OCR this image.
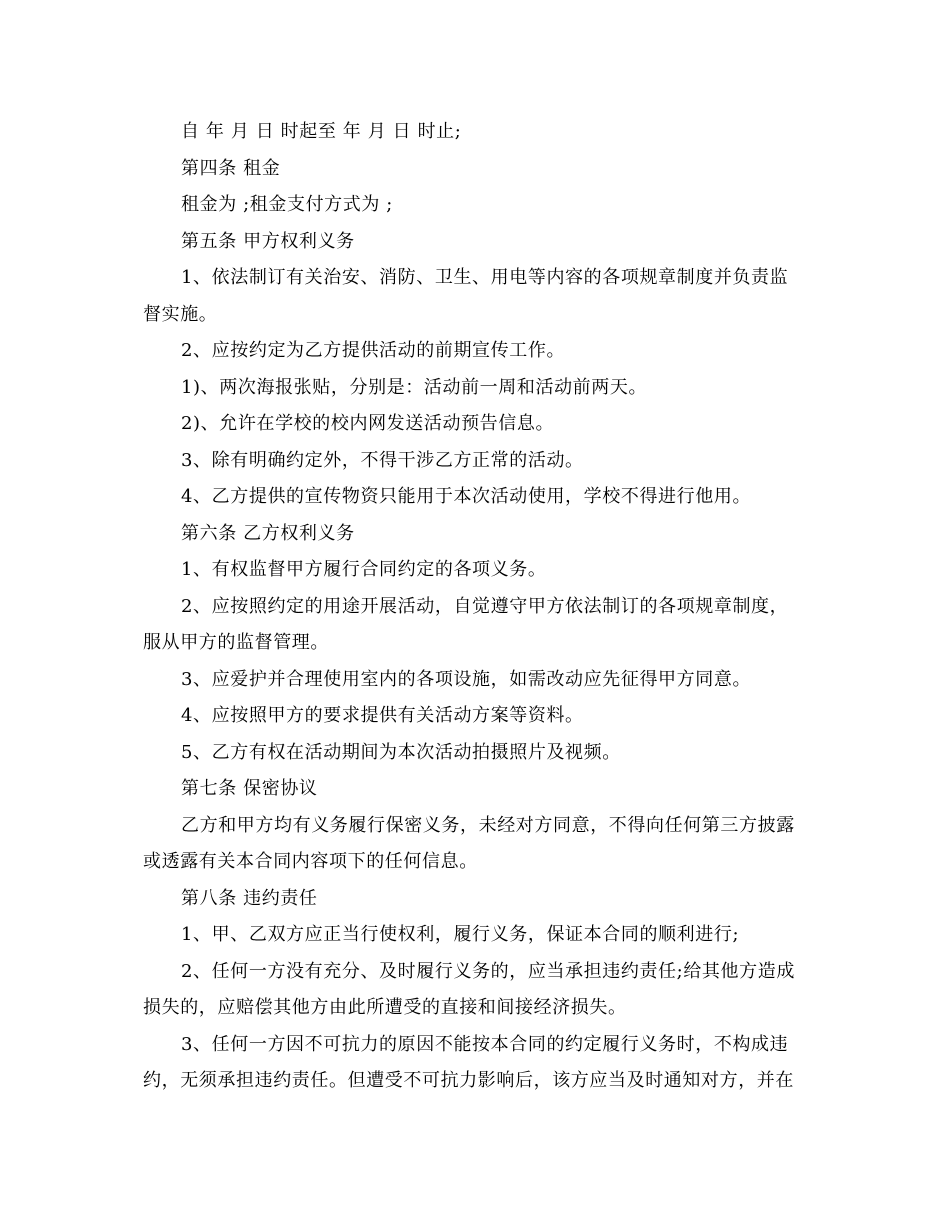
自 年 月 日 时起至 年 月 日 时止;

第四条 租金

租金为 ;租金支付方式为 ;

第五条 甲方权利义务

1、依法制订有关治安、消防、卫生、用电等内容的各项规章制度并负责监督实施。

2、应按约定为乙方提供活动的前期宣传工作。

1)、两次海报张贴，分别是：活动前一周和活动前两天。

2)、允许在学校的校内网发送活动预告信息。

3、除有明确约定外，不得干涉乙方正常的活动。

4、乙方提供的宣传物资只能用于本次活动使用，学校不得进行他用。

第六条 乙方权利义务

1、有权监督甲方履行合同约定的各项义务。

2、应按照约定的用途开展活动，自觉遵守甲方依法制订的各项规章制度，服从甲方的监督管理。

3、应爱护并合理使用室内的各项设施，如需改动应先征得甲方同意。

4、应按照甲方的要求提供有关活动方案等资料。

5、乙方有权在活动期间为本次活动拍摄照片及视频。

第七条 保密协议

乙方和甲方均有义务履行保密义务，未经对方同意，不得向任何第三方披露或透露有关本合同内容项下的任何信息。

第八条 违约责任

1、甲、乙双方应正当行使权利，履行义务，保证本合同的顺利进行;

2、任何一方没有充分、及时履行义务的，应当承担违约责任;给其他方造成损失的，应赔偿其他方由此所遭受的直接和间接经济损失。

3、任何一方因不可抗力的原因不能按本合同的约定履行义务时，不构成违约，无须承担违约责任。但遭受不可抗力影响后，该方应当及时通知对方，并在
